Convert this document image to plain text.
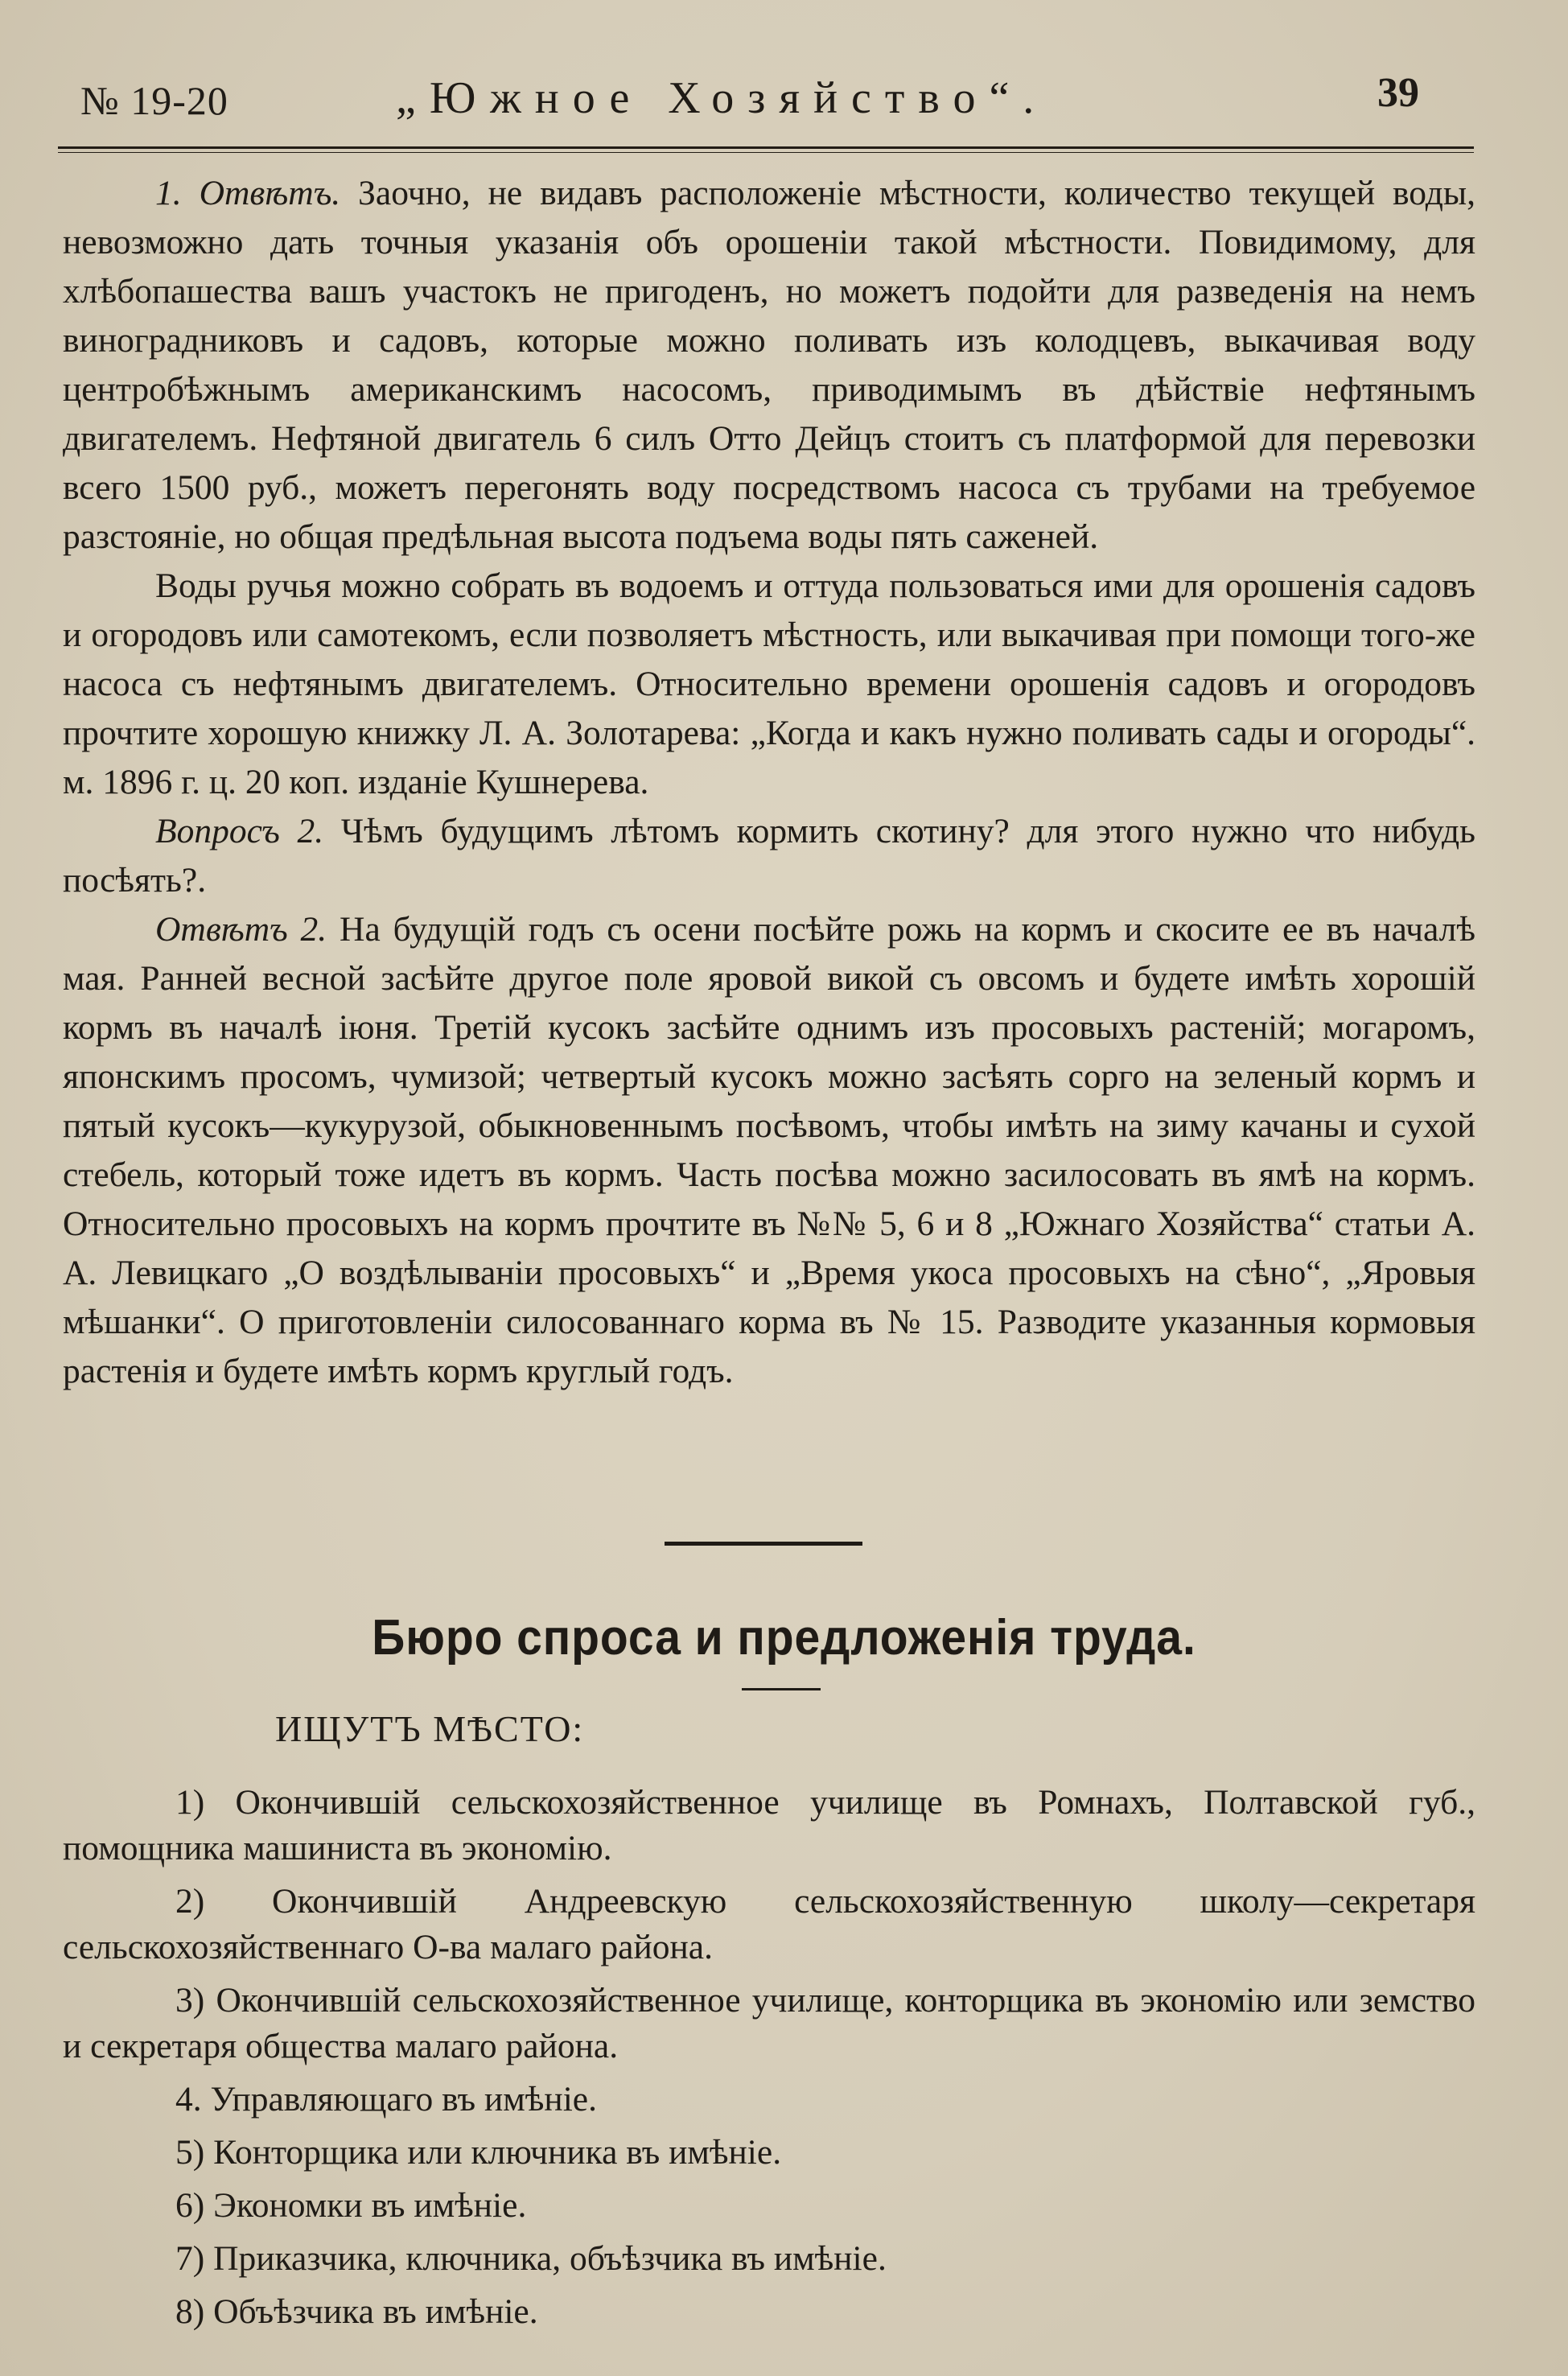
№ 19-20	„Южное Хозяйство“.	39

1. Отвѣтъ. Заочно, не видавъ расположеніе мѣстности, количество текущей воды, невозможно дать точныя указанія объ орошеніи такой мѣстности. Повидимому, для хлѣбопашества вашъ участокъ не пригоденъ, но можетъ подойти для разведенія на немъ виноградниковъ и садовъ, которые можно поливать изъ колодцевъ, выкачивая воду центробѣжнымъ американскимъ насосомъ, приводимымъ въ дѣйствіе нефтянымъ двигателемъ. Нефтяной двигатель 6 силъ Отто Дейцъ стоитъ съ платформой для перевозки всего 1500 руб., можетъ перегонять воду посредствомъ насоса съ трубами на требуемое разстояніе, но общая предѣльная высота подъема воды пять саженей.

Воды ручья можно собрать въ водоемъ и оттуда пользоваться ими для орошенія садовъ и огородовъ или самотекомъ, если позволяетъ мѣстность, или выкачивая при помощи того-же насоса съ нефтянымъ двигателемъ. Относительно времени орошенія садовъ и огородовъ прочтите хорошую книжку Л. А. Золотарева: „Когда и какъ нужно поливать сады и огороды“. м. 1896 г. ц. 20 коп. изданіе Кушнерева.

Вопросъ 2. Чѣмъ будущимъ лѣтомъ кормить скотину? для этого нужно что нибудь посѣять?.

Отвѣтъ 2. На будущій годъ съ осени посѣйте рожь на кормъ и скосите ее въ началѣ мая. Ранней весной засѣйте другое поле яровой викой съ овсомъ и будете имѣть хорошій кормъ въ началѣ іюня. Третій кусокъ засѣйте однимъ изъ просовыхъ растеній; могаромъ, японскимъ просомъ, чумизой; четвертый кусокъ можно засѣять сорго на зеленый кормъ и пятый кусокъ—кукурузой, обыкновеннымъ посѣвомъ, чтобы имѣть на зиму качаны и сухой стебель, который тоже идетъ въ кормъ. Часть посѣва можно засилосовать въ ямѣ на кормъ. Относительно просовыхъ на кормъ прочтите въ №№ 5, 6 и 8 „Южнаго Хозяйства“ статьи А. А. Левицкаго „О воздѣлываніи просовыхъ“ и „Время укоса просовыхъ на сѣно“, „Яровыя мѣшанки“. О приготовленіи силосованнаго корма въ № 15. Разводите указанныя кормовыя растенія и будете имѣть кормъ круглый годъ.

Бюро спроса и предложенія труда.
ИЩУТЪ МѢСТО:
1) Окончившій сельскохозяйственное училище въ Ромнахъ, Полтавской губ., помощника машиниста въ экономію.
2) Окончившій Андреевскую сельскохозяйственную школу—секретаря сельскохозяйственнаго О-ва малаго района.
3) Окончившій сельскохозяйственное училище, конторщика въ экономію или земство и секретаря общества малаго района.
4. Управляющаго въ имѣніе.
5) Конторщика или ключника въ имѣніе.
6) Экономки въ имѣніе.
7) Приказчика, ключника, объѣзчика въ имѣніе.
8) Объѣзчика въ имѣніе.
